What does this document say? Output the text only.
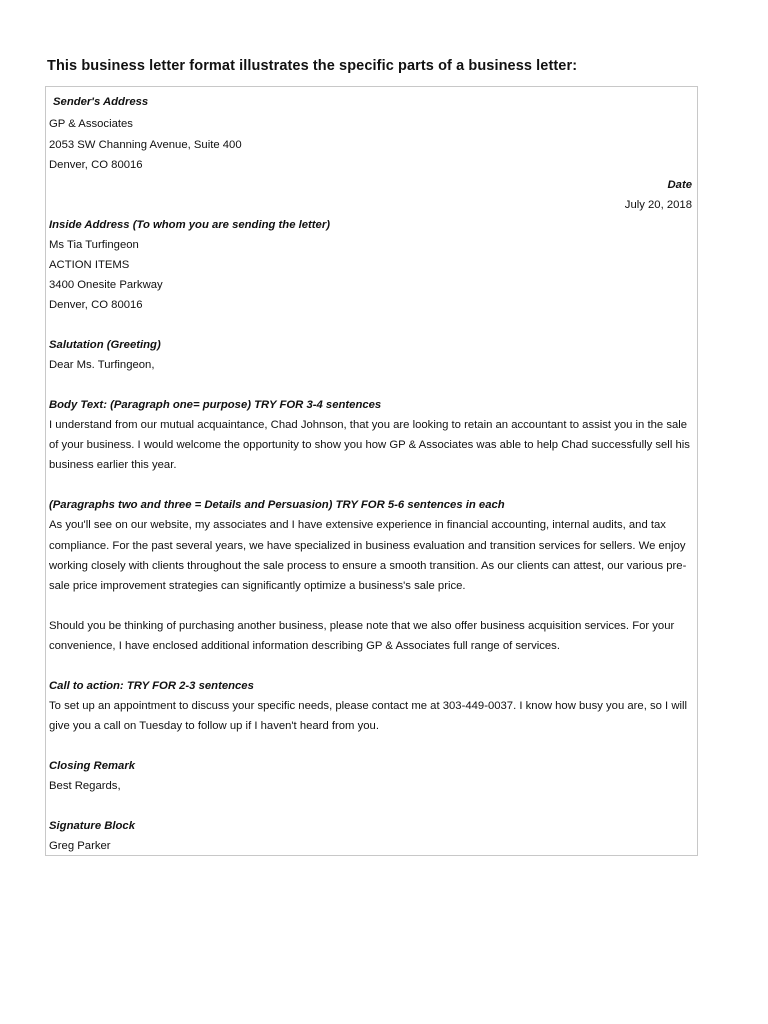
This business letter format illustrates the specific parts of a business letter:
Sender's Address
GP & Associates
2053 SW Channing Avenue, Suite 400
Denver, CO 80016
Date
July 20, 2018
Inside Address (To whom you are sending the letter)
Ms Tia Turfingeon
ACTION ITEMS
3400 Onesite Parkway
Denver, CO 80016
Salutation (Greeting)
Dear Ms. Turfingeon,
Body Text: (Paragraph one= purpose) TRY FOR 3-4 sentences
I understand from our mutual acquaintance, Chad Johnson, that you are looking to retain an accountant to assist you in the sale
of your business. I would welcome the opportunity to show you how GP & Associates was able to help Chad successfully sell his
business earlier this year.
(Paragraphs two and three = Details and Persuasion) TRY FOR 5-6 sentences in each
As you'll see on our website, my associates and I have extensive experience in financial accounting, internal audits, and tax
compliance. For the past several years, we have specialized in business evaluation and transition services for sellers. We enjoy
working closely with clients throughout the sale process to ensure a smooth transition. As our clients can attest, our various pre-
sale price improvement strategies can significantly optimize a business's sale price.
Should you be thinking of purchasing another business, please note that we also offer business acquisition services. For your
convenience, I have enclosed additional information describing GP & Associates full range of services.
Call to action: TRY FOR 2-3 sentences
To set up an appointment to discuss your specific needs, please contact me at 303-449-0037. I know how busy you are, so I will
give you a call on Tuesday to follow up if I haven't heard from you.
Closing Remark
Best Regards,
Signature Block
Greg Parker
